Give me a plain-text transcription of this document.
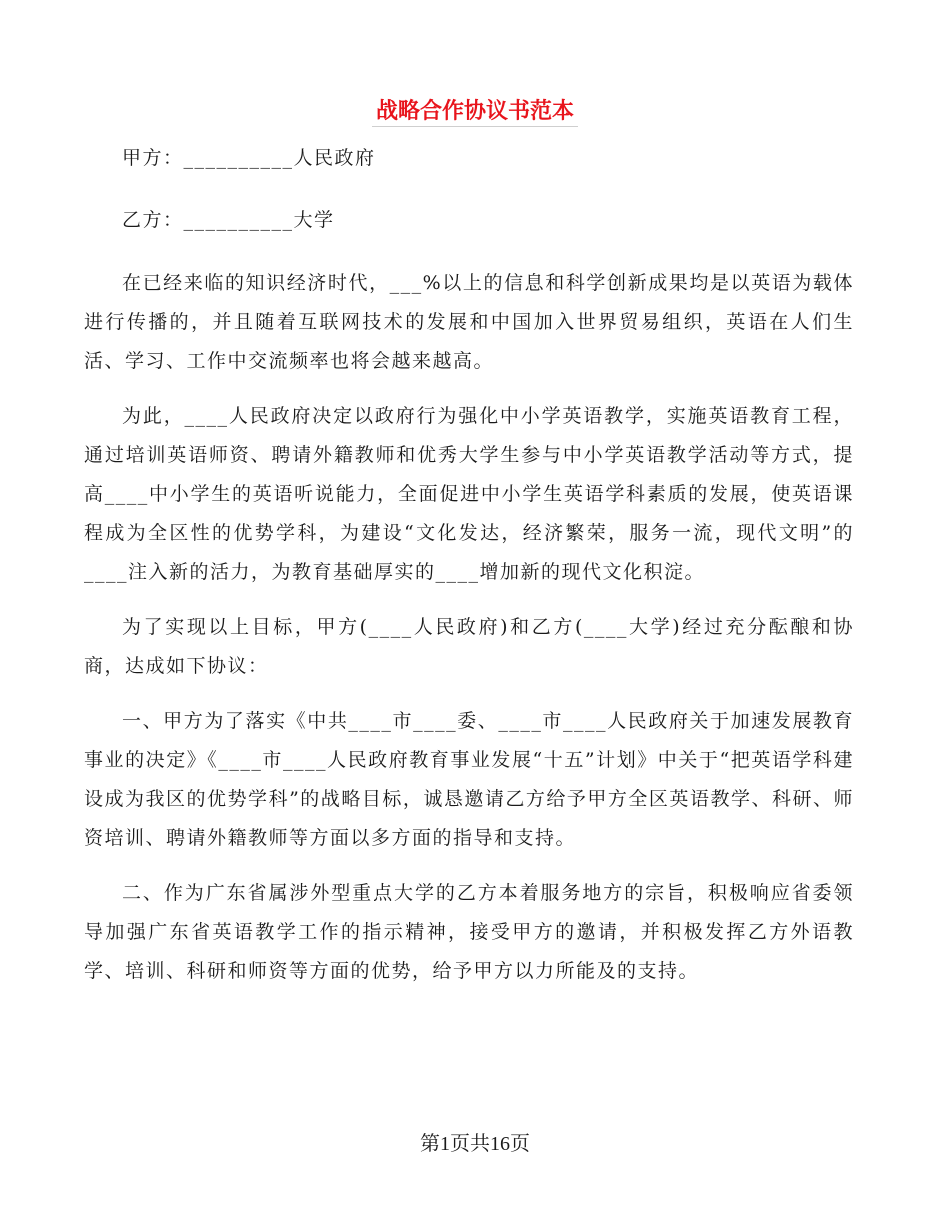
战略合作协议书范本

甲方：__________人民政府

乙方：__________大学

在已经来临的知识经济时代，___%以上的信息和科学创新成果均是以英语为载体进行传播的，并且随着互联网技术的发展和中国加入世界贸易组织，英语在人们生活、学习、工作中交流频率也将会越来越高。

为此，____人民政府决定以政府行为强化中小学英语教学，实施英语教育工程，通过培训英语师资、聘请外籍教师和优秀大学生参与中小学英语教学活动等方式，提高____中小学生的英语听说能力，全面促进中小学生英语学科素质的发展，使英语课程成为全区性的优势学科，为建设“文化发达，经济繁荣，服务一流，现代文明”的____注入新的活力，为教育基础厚实的____增加新的现代文化积淀。

为了实现以上目标，甲方(____人民政府)和乙方(____大学)经过充分酝酿和协商，达成如下协议：

一、甲方为了落实《中共____市____委、____市____人民政府关于加速发展教育事业的决定》《____市____人民政府教育事业发展“十五”计划》中关于“把英语学科建设成为我区的优势学科”的战略目标，诚恳邀请乙方给予甲方全区英语教学、科研、师资培训、聘请外籍教师等方面以多方面的指导和支持。

二、作为广东省属涉外型重点大学的乙方本着服务地方的宗旨，积极响应省委领导加强广东省英语教学工作的指示精神，接受甲方的邀请，并积极发挥乙方外语教学、培训、科研和师资等方面的优势，给予甲方以力所能及的支持。

第1页共16页
